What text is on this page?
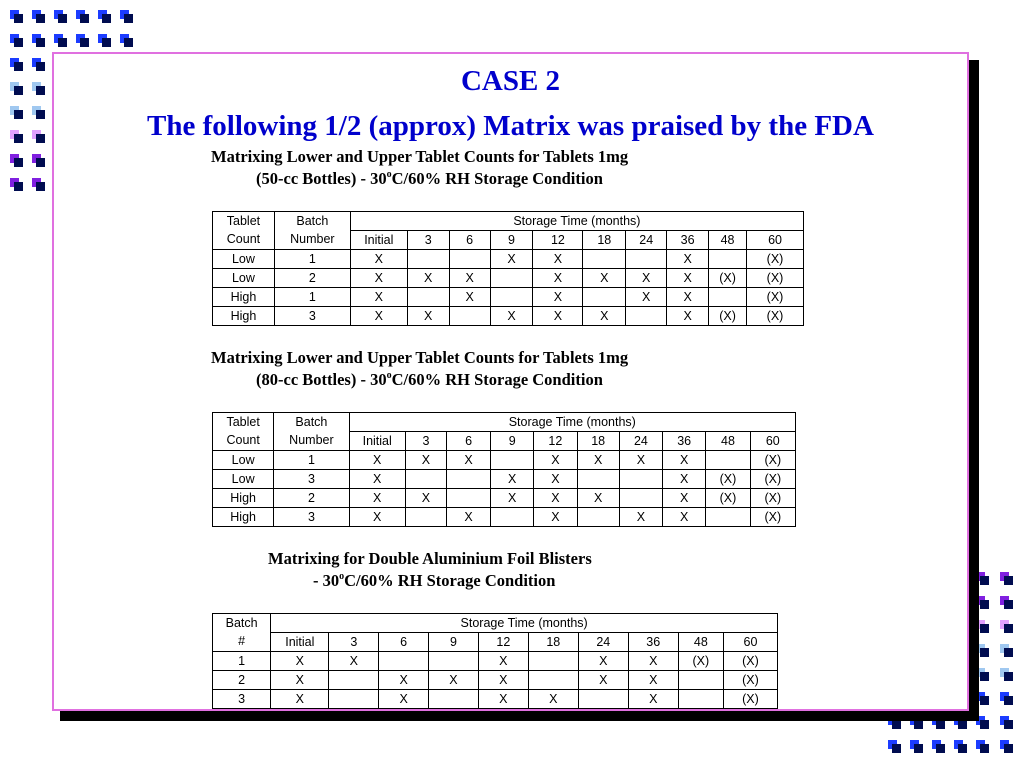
CASE 2
The following 1/2 (approx) Matrix was praised by the FDA
Matrixing Lower and Upper Tablet Counts for Tablets 1mg
(50-cc Bottles) - 30$^o$C/60% RH Storage Condition
Tablet	Batch	Storage Time (months)									
Count	Number	Initial	3	6	9	12	18	24	36	48	60
Low	1	X			X	X			X		(X)
Low	2	X	X	X		X	X	X	X	(X)	(X)
High	1	X		X		X		X	X		(X)
High	3	X	X		X	X	X		X	(X)	(X)
Matrixing Lower and Upper Tablet Counts for Tablets 1mg
(80-cc Bottles) - 30$^o$C/60% RH Storage Condition
Tablet	Batch	Storage Time (months)									
Count	Number	Initial	3	6	9	12	18	24	36	48	60
Low	1	X	X	X		X	X	X	X		(X)
Low	3	X			X	X			X	(X)	(X)
High	2	X	X		X	X	X		X	(X)	(X)
High	3	X		X		X		X	X		(X)
Matrixing for Double Aluminium Foil Blisters
- 30$^o$C/60% RH Storage Condition
Batch	Storage Time (months)									
#	Initial	3	6	9	12	18	24	36	48	60
1	X	X			X		X	X	(X)	(X)
2	X		X	X	X		X	X		(X)
3	X		X		X	X		X		(X)
